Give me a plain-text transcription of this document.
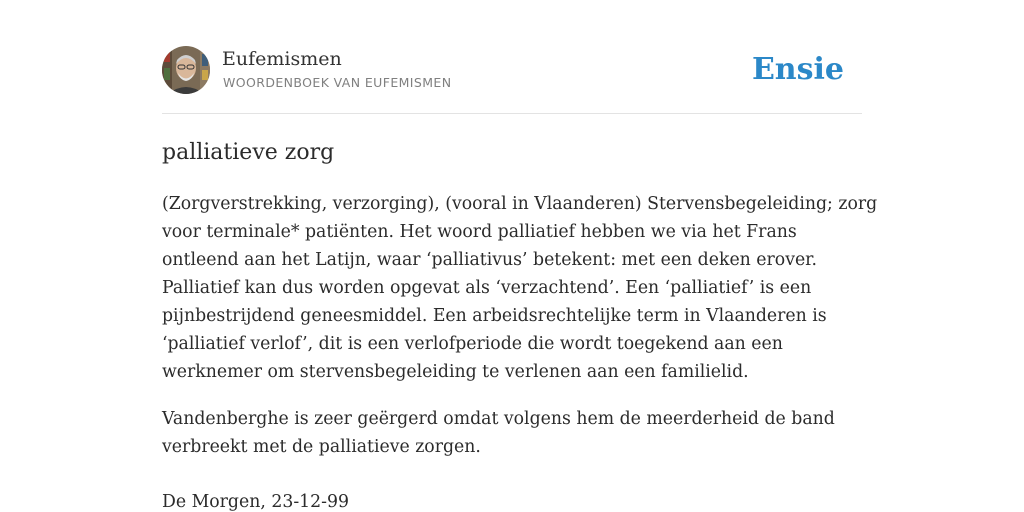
Eufemismen
WOORDENBOEK VAN EUFEMISMEN	Ensie
palliatieve zorg
(Zorgverstrekking, verzorging), (vooral in Vlaanderen) Stervensbegeleiding; zorg
voor terminale* patiënten. Het woord palliatief hebben we via het Frans
ontleend aan het Latijn, waar ‘palliativus’ betekent: met een deken erover.
Palliatief kan dus worden opgevat als ‘verzachtend’. Een ‘palliatief’ is een
pijnbestrijdend geneesmiddel. Een arbeidsrechtelijke term in Vlaanderen is
‘palliatief verlof’, dit is een verlofperiode die wordt toegekend aan een
werknemer om stervensbegeleiding te verlenen aan een familielid.
Vandenberghe is zeer geërgerd omdat volgens hem de meerderheid de band
verbreekt met de palliatieve zorgen.
De Morgen, 23-12-99
